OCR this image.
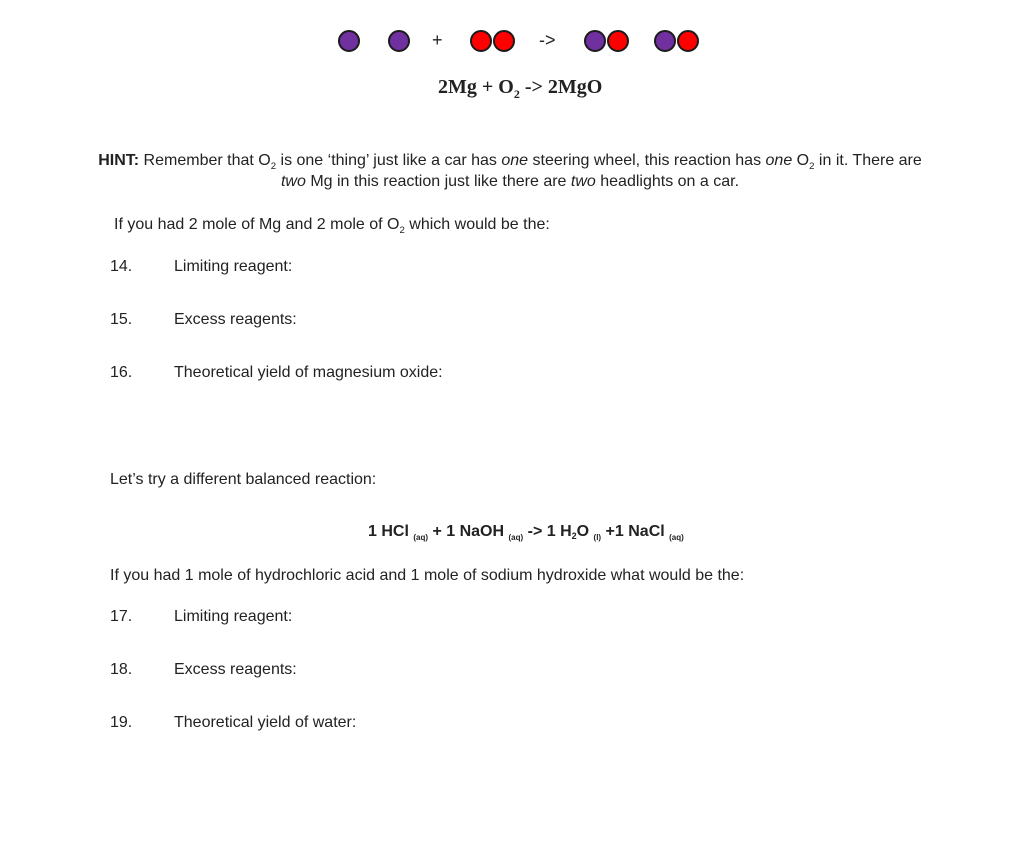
+	->
$2Mg + O_2 -> 2MgO$
HINT: Remember that $O_2$ is one ‘thing’ just like a car has one steering wheel, this reaction has one $O_2$ in it. There are
two Mg in this reaction just like there are two headlights on a car.
If you had 2 mole of Mg and 2 mole of $O_2$ which would be the:
14.	Limiting reagent:
15.	Excess reagents:
16.	Theoretical yield of magnesium oxide:
Let’s try a different balanced reaction:
1 HCl $_{(aq)}$ + 1 NaOH $_{(aq)}$ -> 1 H2O $_{(l)}$ +1 NaCl $_{(aq)}$
If you had 1 mole of hydrochloric acid and 1 mole of sodium hydroxide what would be the:
17.	Limiting reagent:
18.	Excess reagents:
19.	Theoretical yield of water:
